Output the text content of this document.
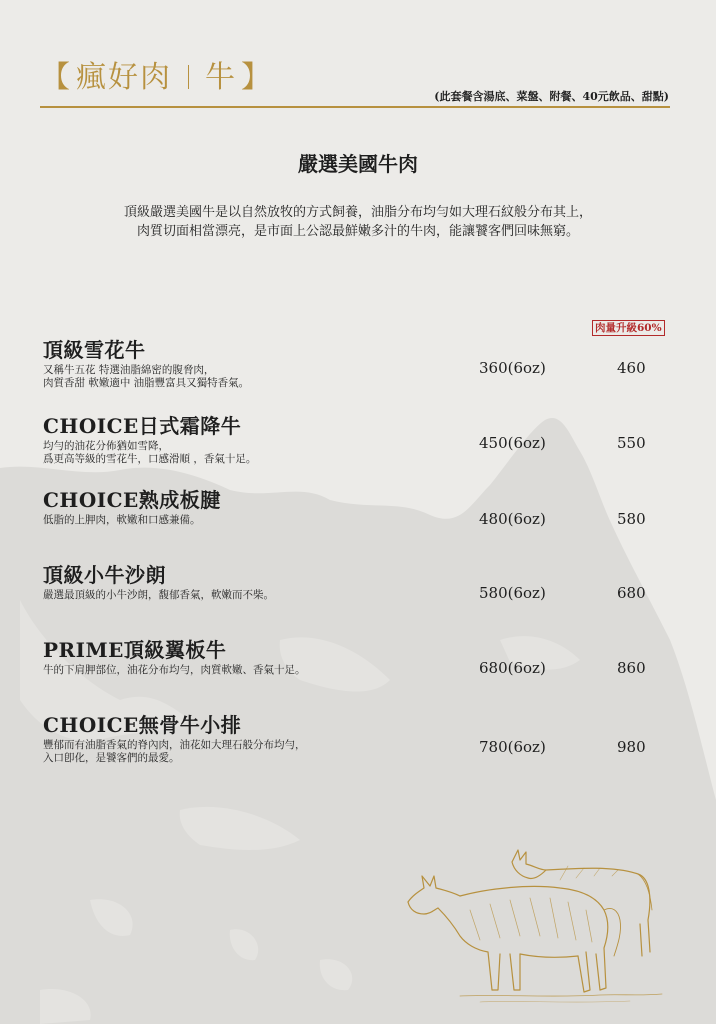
【 瘋好肉 牛 】
(此套餐含湯底、菜盤、附餐、40元飲品、甜點)
嚴選美國牛肉
頂級嚴選美國牛是以自然放牧的方式飼養，油脂分布均勻如大理石紋般分布其上，
肉質切面相當漂亮，是市面上公認最鮮嫩多汁的牛肉，能讓饕客們回味無窮。
肉量升級60%
頂級雪花牛
又稱牛五花 特選油脂綿密的腹脅肉，
肉質香甜 軟嫩適中 油脂豐富具又獨特香氣。
360(6oz)	460
CHOICE日式霜降牛
均勻的油花分佈猶如雪降，
爲更高等級的雪花牛，口感滑順 ，香氣十足。
450(6oz)	550
CHOICE熟成板腱
低脂的上胛肉，軟嫩和口感兼備。	480(6oz)	580
頂級小牛沙朗
嚴選最頂級的小牛沙朗，馥郁香氣，軟嫩而不柴。	580(6oz)	680
PRIME頂級翼板牛
牛的下肩胛部位，油花分布均勻，肉質軟嫩、香氣十足。	680(6oz)	860
CHOICE無骨牛小排
豐郁而有油脂香氣的脊內肉，油花如大理石般分布均勻，
入口卽化，是饕客們的最愛。
780(6oz)	980
